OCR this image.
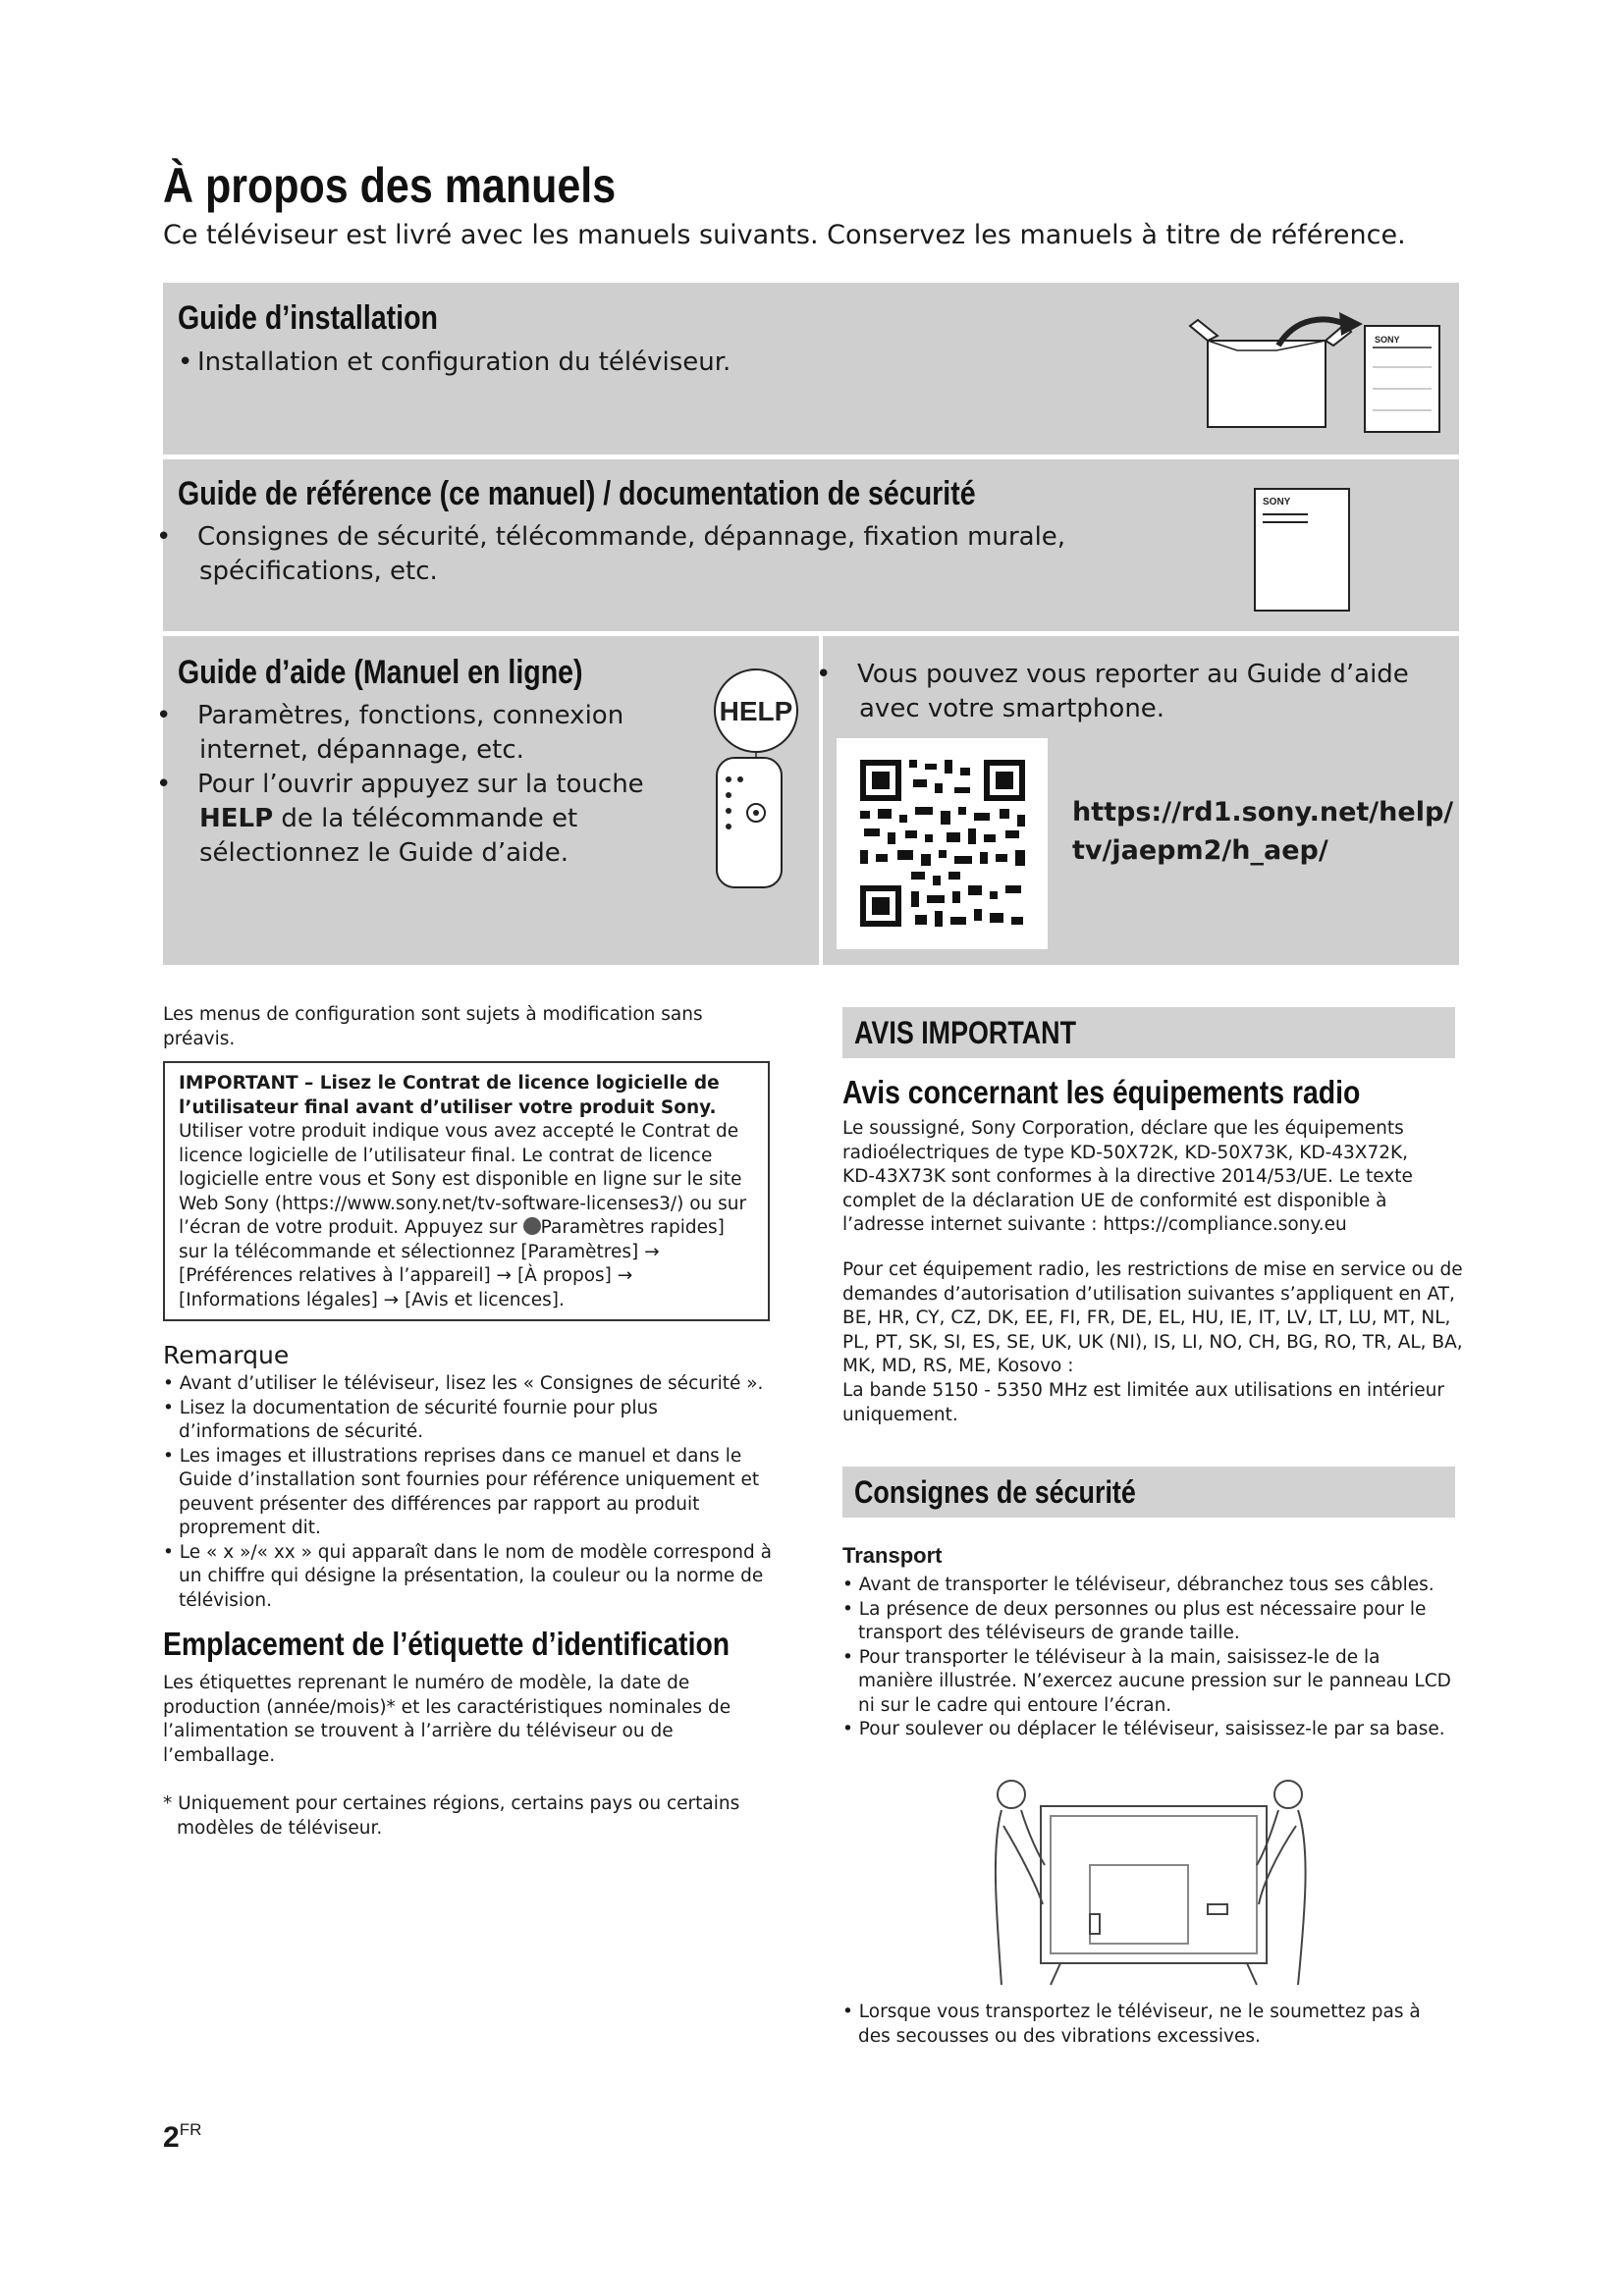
À propos des manuels
Ce téléviseur est livré avec les manuels suivants. Conservez les manuels à titre de référence.
Guide d’installation
• Installation et configuration du téléviseur.
SONY
Guide de référence (ce manuel) / documentation de sécurité
• Consignes de sécurité, télécommande, dépannage, fixation murale, spécifications, etc.
SONY
Guide d’aide (Manuel en ligne)
• Paramètres, fonctions, connexion internet, dépannage, etc.
• Pour l’ouvrir appuyez sur la touche HELP de la télécommande et sélectionnez le Guide d’aide.
HELP
• Vous pouvez vous reporter au Guide d’aide avec votre smartphone.
https://rd1.sony.net/help/
tv/jaepm2/h_aep/
Les menus de configuration sont sujets à modification sans préavis.
IMPORTANT – Lisez le Contrat de licence logicielle de l’utilisateur final avant d’utiliser votre produit Sony. Utiliser votre produit indique vous avez accepté le Contrat de licence logicielle de l’utilisateur final. Le contrat de licence logicielle entre vous et Sony est disponible en ligne sur le site Web Sony (https://www.sony.net/tv-software-licenses3/) ou sur l’écran de votre produit. Appuyez sur Paramètres rapides] sur la télécommande et sélectionnez [Paramètres] → [Préférences relatives à l’appareil] → [À propos] → [Informations légales] → [Avis et licences].
Remarque
• Avant d’utiliser le téléviseur, lisez les « Consignes de sécurité ».
• Lisez la documentation de sécurité fournie pour plus d’informations de sécurité.
• Les images et illustrations reprises dans ce manuel et dans le Guide d’installation sont fournies pour référence uniquement et peuvent présenter des différences par rapport au produit proprement dit.
• Le « x »/« xx » qui apparaît dans le nom de modèle correspond à un chiffre qui désigne la présentation, la couleur ou la norme de télévision.
Emplacement de l’étiquette d’identification
Les étiquettes reprenant le numéro de modèle, la date de production (année/mois)* et les caractéristiques nominales de l’alimentation se trouvent à l’arrière du téléviseur ou de l’emballage.
* Uniquement pour certaines régions, certains pays ou certains modèles de téléviseur.
AVIS IMPORTANT
Avis concernant les équipements radio
Le soussigné, Sony Corporation, déclare que les équipements radioélectriques de type KD-50X72K, KD-50X73K, KD-43X72K, KD-43X73K sont conformes à la directive 2014/53/UE. Le texte complet de la déclaration UE de conformité est disponible à l’adresse internet suivante : https://compliance.sony.eu
Pour cet équipement radio, les restrictions de mise en service ou de demandes d’autorisation d’utilisation suivantes s’appliquent en AT, BE, HR, CY, CZ, DK, EE, FI, FR, DE, EL, HU, IE, IT, LV, LT, LU, MT, NL, PL, PT, SK, SI, ES, SE, UK, UK (NI), IS, LI, NO, CH, BG, RO, TR, AL, BA, MK, MD, RS, ME, Kosovo :
La bande 5150 - 5350 MHz est limitée aux utilisations en intérieur uniquement.
Consignes de sécurité
Transport
• Avant de transporter le téléviseur, débranchez tous ses câbles.
• La présence de deux personnes ou plus est nécessaire pour le transport des téléviseurs de grande taille.
• Pour transporter le téléviseur à la main, saisissez-le de la manière illustrée. N’exercez aucune pression sur le panneau LCD ni sur le cadre qui entoure l’écran.
• Pour soulever ou déplacer le téléviseur, saisissez-le par sa base.
• Lorsque vous transportez le téléviseur, ne le soumettez pas à des secousses ou des vibrations excessives.
$2^{FR}$
